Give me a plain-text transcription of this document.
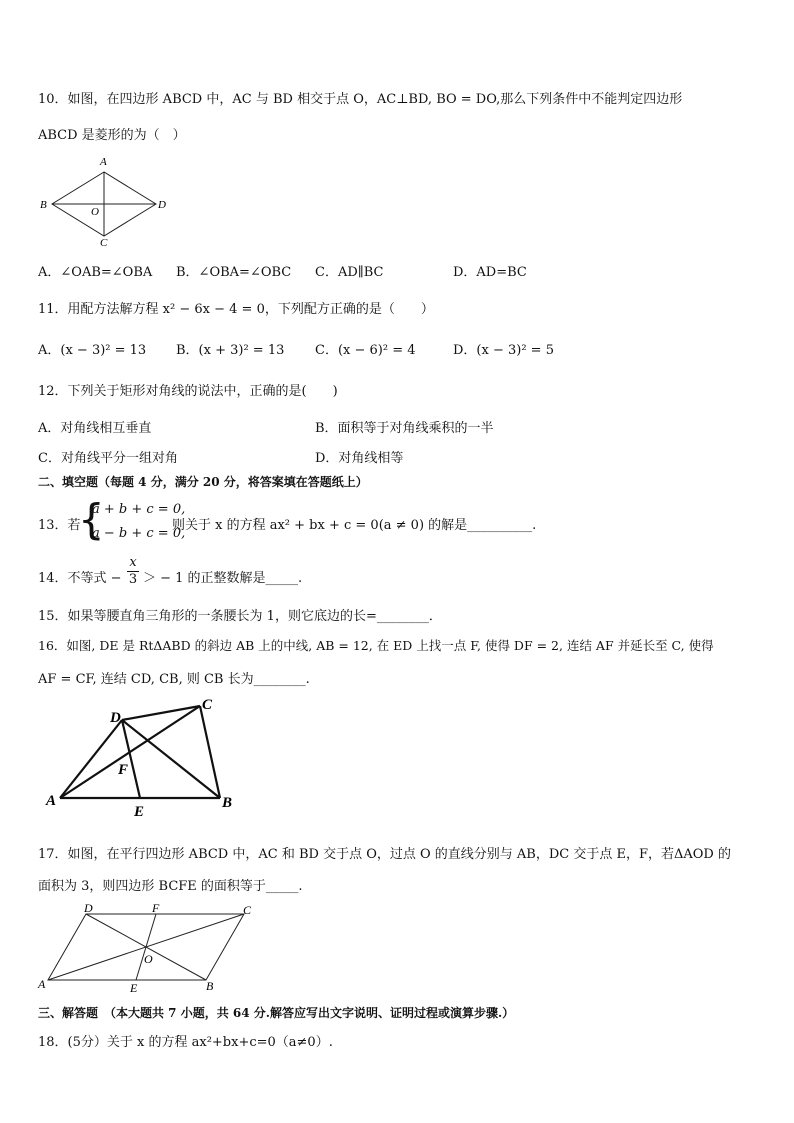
10．如图，在四边形 ABCD 中，AC 与 BD 相交于点 O，AC⊥BD, BO = DO,那么下列条件中不能判定四边形
ABCD 是菱形的为（　）
A
B
C
D
O
A．∠OAB=∠OBA B．∠OBA=∠OBC C．AD∥BC	D．AD=BC
11．用配方法解方程 x² − 6x − 4 = 0，下列配方正确的是（　　）
A．(x − 3)² = 13 B．(x + 3)² = 13 C．(x − 6)² = 4	D．(x − 3)² = 5
12．下列关于矩形对角线的说法中，正确的是(　　)
A．对角线相互垂直	B．面积等于对角线乘积的一半
C．对角线平分一组对角	D．对角线相等
二、填空题（每题 4 分，满分 20 分，将答案填在答题纸上）
13．若
{
a + b + c = 0,
a − b + c = 0,
则关于 x 的方程 ax² + bx + c = 0(a ≠ 0) 的解是__________.
14．不等式 − $\frac{x}{3}$ ＞ − 1 的正整数解是_____.
15．如果等腰直角三角形的一条腰长为 1，则它底边的长=________．
16．如图, DE 是 RtΔABD 的斜边 AB 上的中线, AB = 12, 在 ED 上找一点 F, 使得 DF = 2, 连结 AF 并延长至 C, 使得
AF = CF, 连结 CD, CB, 则 CB 长为________.
A	B
C
D
E
F
17．如图，在平行四边形 ABCD 中，AC 和 BD 交于点 O，过点 O 的直线分别与 AB，DC 交于点 E，F，若ΔAOD 的
面积为 3，则四边形 BCFE 的面积等于_____.
D	F	C
A	E	B
O
三、解答题　（本大题共 7 小题，共 64 分.解答应写出文字说明、证明过程或演算步骤.）
18．(5分）关于 x 的方程 ax²+bx+c=0（a≠0）.
